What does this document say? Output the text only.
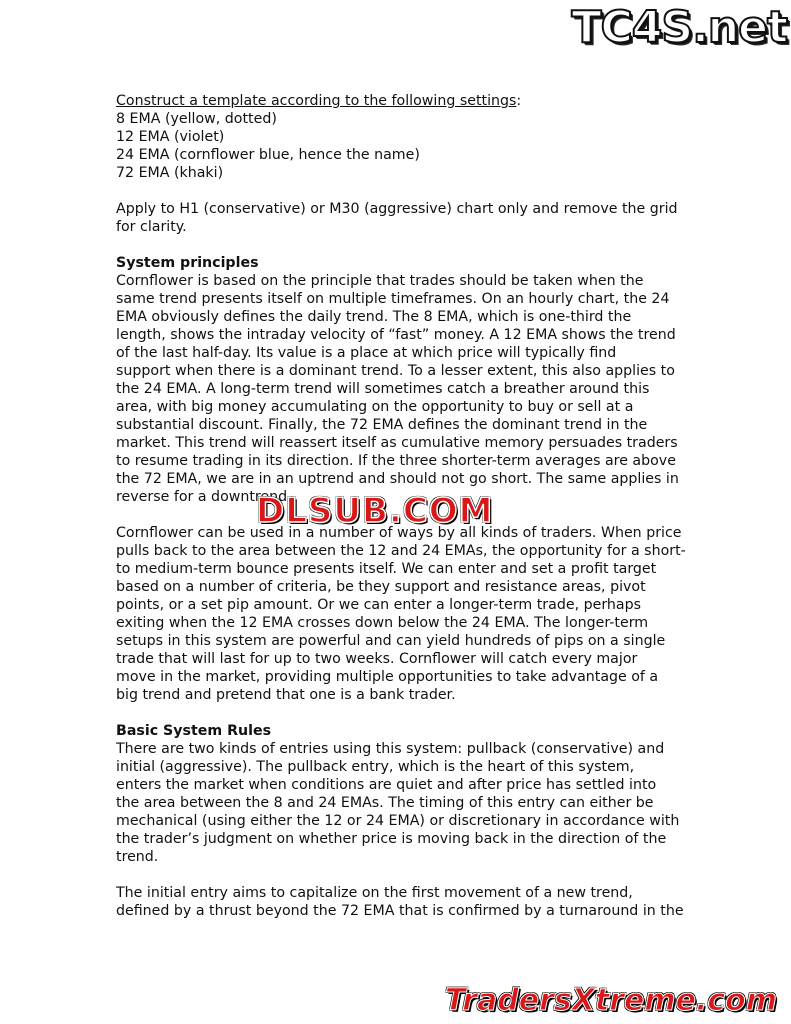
TC4S.net
Construct a template according to the following settings:
8 EMA (yellow, dotted)
12 EMA (violet)
24 EMA (cornflower blue, hence the name)
72 EMA (khaki)
Apply to H1 (conservative) or M30 (aggressive) chart only and remove the grid
for clarity.
System principles
Cornflower is based on the principle that trades should be taken when the
same trend presents itself on multiple timeframes. On an hourly chart, the 24
EMA obviously defines the daily trend. The 8 EMA, which is one-third the
length, shows the intraday velocity of “fast” money. A 12 EMA shows the trend
of the last half-day. Its value is a place at which price will typically find
support when there is a dominant trend. To a lesser extent, this also applies to
the 24 EMA. A long-term trend will sometimes catch a breather around this
area, with big money accumulating on the opportunity to buy or sell at a
substantial discount. Finally, the 72 EMA defines the dominant trend in the
market. This trend will reassert itself as cumulative memory persuades traders
to resume trading in its direction. If the three shorter-term averages are above
the 72 EMA, we are in an uptrend and should not go short. The same applies in
reverse for a downtrend.
Cornflower can be used in a number of ways by all kinds of traders. When price
pulls back to the area between the 12 and 24 EMAs, the opportunity for a short-
to medium-term bounce presents itself. We can enter and set a profit target
based on a number of criteria, be they support and resistance areas, pivot
points, or a set pip amount. Or we can enter a longer-term trade, perhaps
exiting when the 12 EMA crosses down below the 24 EMA. The longer-term
setups in this system are powerful and can yield hundreds of pips on a single
trade that will last for up to two weeks. Cornflower will catch every major
move in the market, providing multiple opportunities to take advantage of a
big trend and pretend that one is a bank trader.
Basic System Rules
There are two kinds of entries using this system: pullback (conservative) and
initial (aggressive). The pullback entry, which is the heart of this system,
enters the market when conditions are quiet and after price has settled into
the area between the 8 and 24 EMAs. The timing of this entry can either be
mechanical (using either the 12 or 24 EMA) or discretionary in accordance with
the trader’s judgment on whether price is moving back in the direction of the
trend.
The initial entry aims to capitalize on the first movement of a new trend,
defined by a thrust beyond the 72 EMA that is confirmed by a turnaround in the
DLSUB.COM
TradersXtreme.com
